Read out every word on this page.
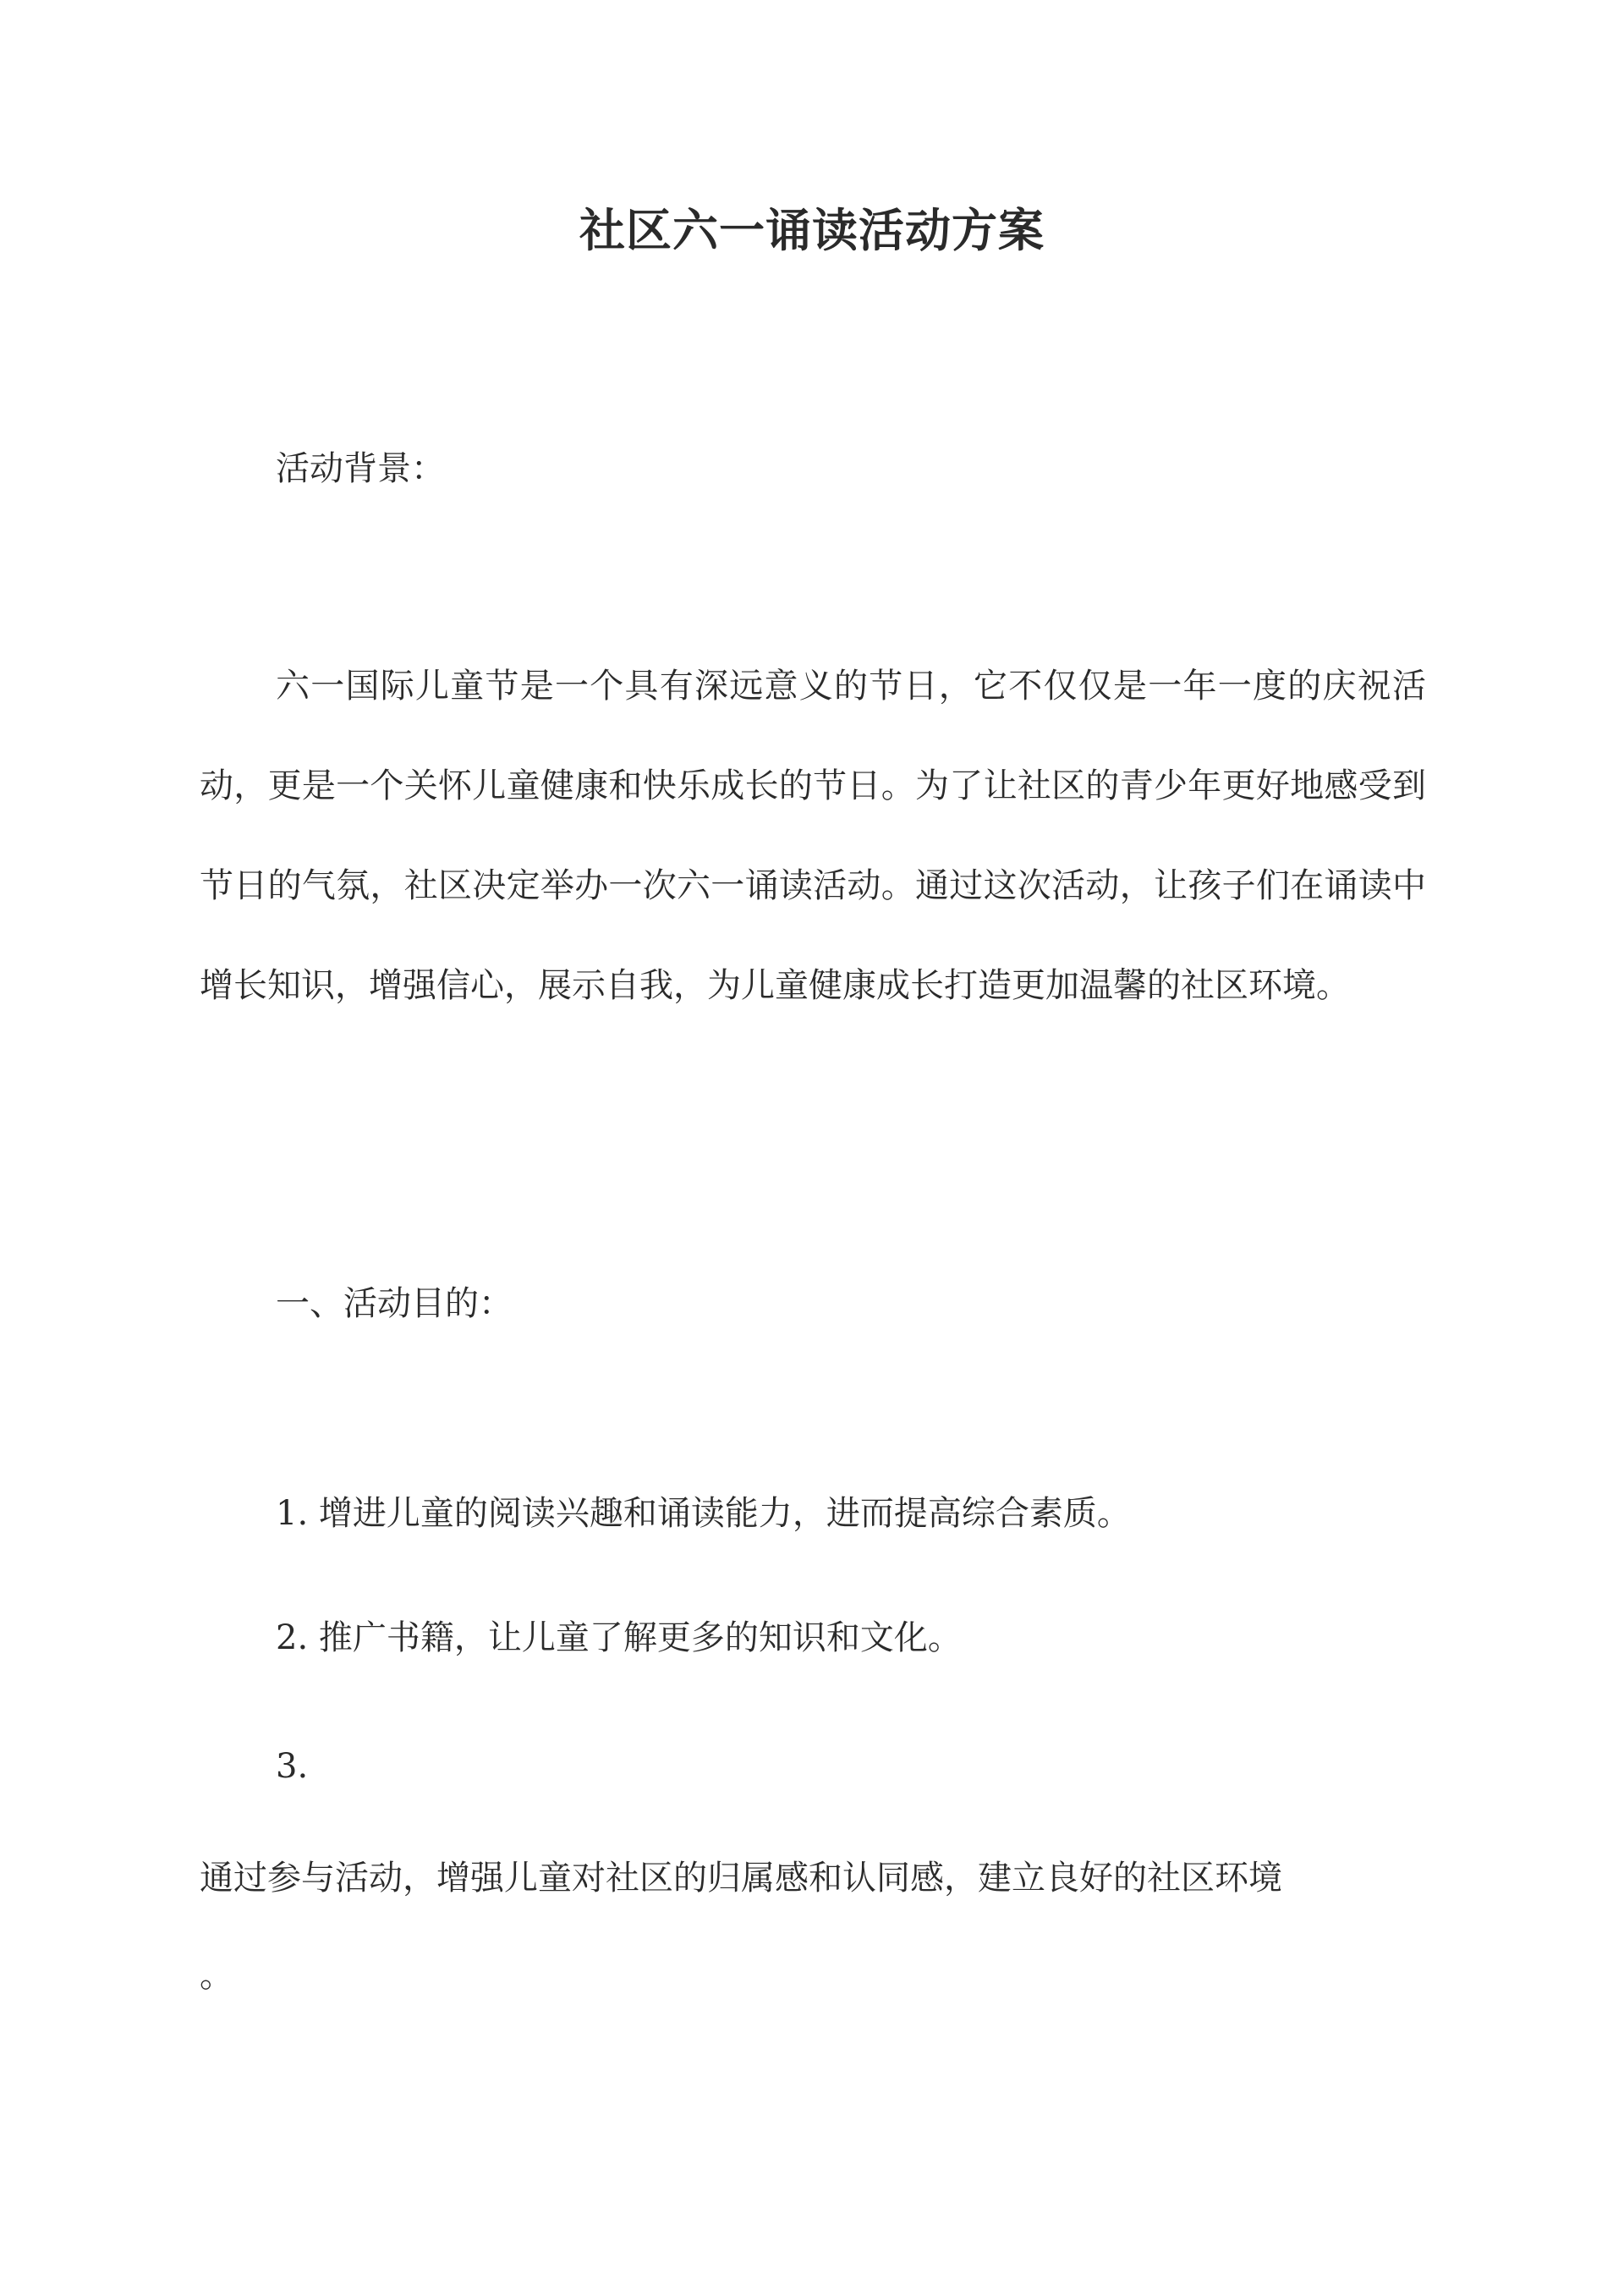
社区六一诵读活动方案

活动背景：

六一国际儿童节是一个具有深远意义的节日，它不仅仅是一年一度的庆祝活动，更是一个关怀儿童健康和快乐成长的节日。为了让社区的青少年更好地感受到节日的气氛，社区决定举办一次六一诵读活动。通过这次活动，让孩子们在诵读中增长知识，增强信心，展示自我，为儿童健康成长打造更加温馨的社区环境。

一、活动目的：

1. 增进儿童的阅读兴趣和诵读能力，进而提高综合素质。

2. 推广书籍，让儿童了解更多的知识和文化。

3.

通过参与活动，增强儿童对社区的归属感和认同感，建立良好的社区环境

。
